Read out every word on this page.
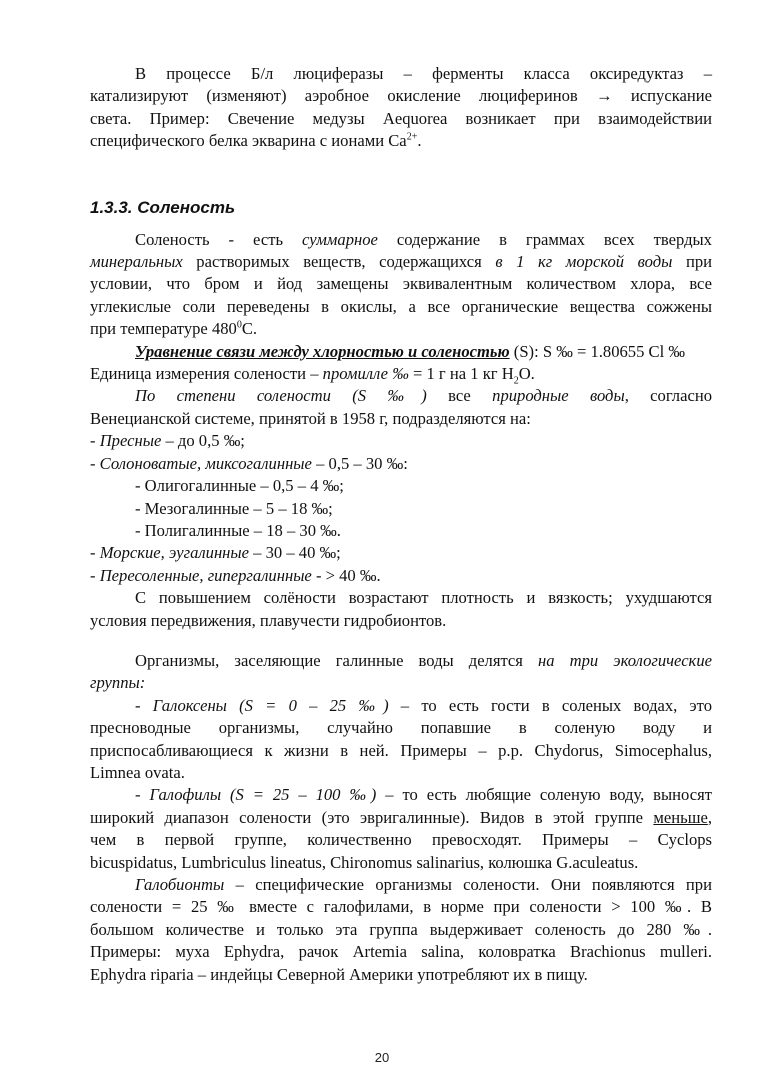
В процессе Б/л люциферазы – ферменты класса оксиредуктаз –

катализируют (изменяют) аэробное окисление люциферинов → испускание

света. Пример: Свечение медузы Aequorea возникает при взаимодействии

специфического белка экварина с ионами $Са^{2+}$.

1.3.3. Соленость

Соленость - есть суммарное содержание в граммах всех твердых

минеральных растворимых веществ, содержащихся в 1 кг морской воды при

условии, что бром и йод замещены эквивалентным количеством хлора, все

углекислые соли переведены в окислы, а все органические вещества сожжены

при температуре $480^0С$.

Уравнение связи между хлорностью и соленостью (S): S ‰ = 1.80655 Cl ‰

Единица измерения солености – промилле ‰ = 1 г на 1 кг $Н_2О$.

По степени солености (S ‰) все природные воды, согласно

Венецианской системе, принятой в 1958 г, подразделяются на:

- Пресные – до 0,5 ‰;

- Солоноватые, миксогалинные – 0,5 – 30 ‰:

- Олигогалинные – 0,5 – 4 ‰;

- Мезогалинные – 5 – 18 ‰;

- Полигалинные – 18 – 30 ‰.

- Морские, эугалинные – 30 – 40 ‰;

- Пересоленные, гипергалинные - > 40 ‰.

С повышением солёности возрастают плотность и вязкость; ухудшаются

условия передвижения, плавучести гидробионтов.

Организмы, заселяющие галинные воды делятся на три экологические

группы:

- Галоксены (S = 0 – 25 ‰) – то есть гости в соленых водах, это

пресноводные организмы, случайно попавшие в соленую воду и

приспосабливающиеся к жизни в ней. Примеры – р.р. Chydorus, Simocephalus,

Limnea ovata.

- Галофилы (S = 25 – 100 ‰) – то есть любящие соленую воду, выносят

широкий диапазон солености (это эвригалинные). Видов в этой группе меньше,

чем в первой группе, количественно превосходят. Примеры – Cyclops

bicuspidatus, Lumbriculus lineatus, Chironomus salinarius, колюшка G.aculeatus.

Галобионты – специфические организмы солености. Они появляются при

солености = 25 ‰ вместе с галофилами, в норме при солености > 100 ‰. В

большом количестве и только эта группа выдерживает соленость до 280 ‰.

Примеры: муха Ephydra, рачок Artemia salina, коловратка Brachionus mulleri.

Ephydra riparia – индейцы Северной Америки употребляют их в пищу.

20
